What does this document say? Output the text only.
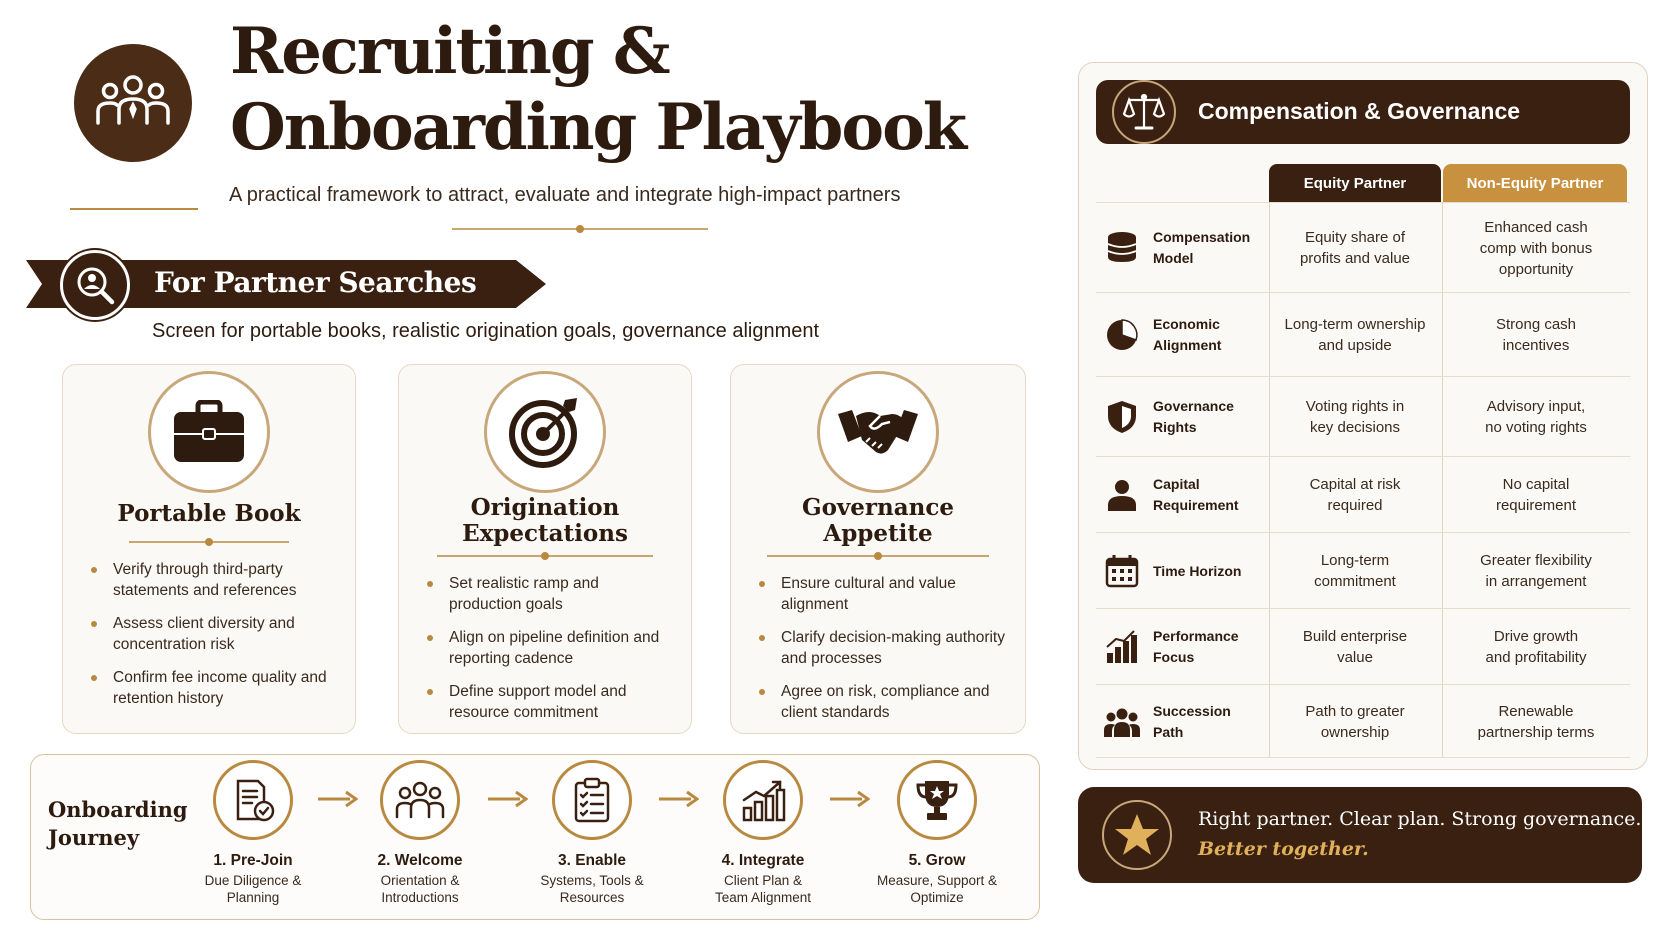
Recruiting &
Onboarding Playbook
A practical framework to attract, evaluate and integrate high-impact partners
For Partner Searches
Screen for portable books, realistic origination goals, governance alignment
Portable Book
Verify through third-party statements and references
Assess client diversity and concentration risk
Confirm fee income quality and retention history
Origination
Expectations
Set realistic ramp and production goals
Align on pipeline definition and reporting cadence
Define support model and resource commitment
Governance
Appetite
Ensure cultural and value alignment
Clarify decision-making authority and processes
Agree on risk, compliance and client standards
Onboarding
Journey
1. Pre-Join
Due Diligence &
Planning
2. Welcome
Orientation &
Introductions
3. Enable
Systems, Tools &
Resources
4. Integrate
Client Plan &
Team Alignment
5. Grow
Measure, Support &
Optimize
Compensation & Governance
Equity Partner	Non-Equity Partner
Compensation
Model
Equity share of
profits and value
Enhanced cash
comp with bonus
opportunity
Economic
Alignment
Long-term ownership
and upside
Strong cash
incentives
Governance
Rights
Voting rights in
key decisions
Advisory input,
no voting rights
Capital
Requirement
Capital at risk
required
No capital
requirement
Time Horizon
Long-term
commitment
Greater flexibility
in arrangement
Performance
Focus
Build enterprise
value
Drive growth
and profitability
Succession
Path
Path to greater
ownership
Renewable
partnership terms
Right partner. Clear plan. Strong governance.
Better together.
